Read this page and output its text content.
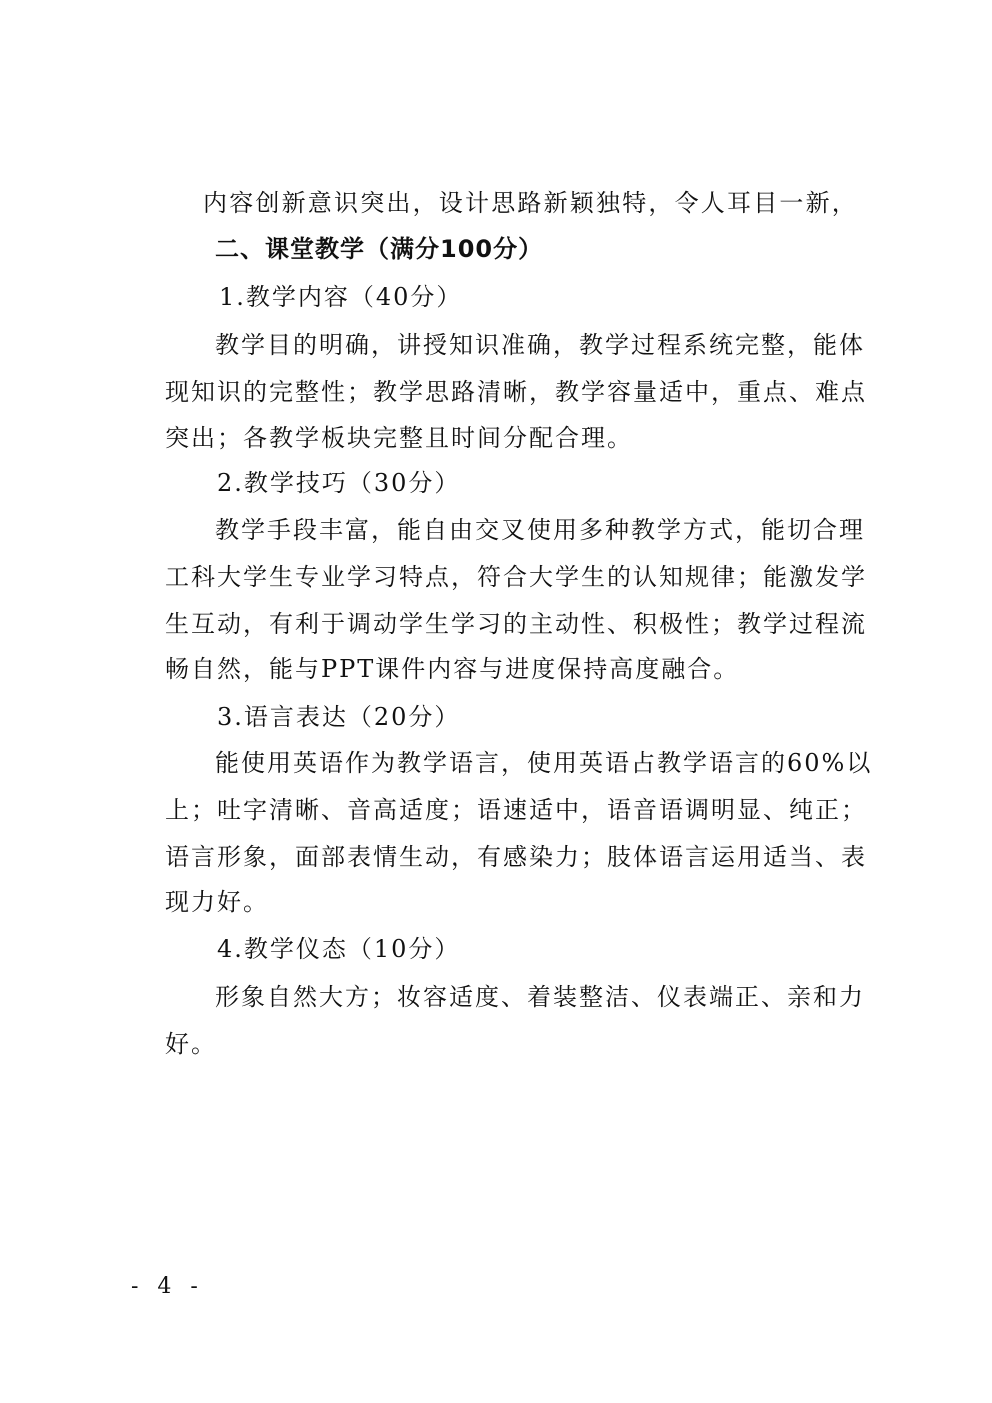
内容创新意识突出，设计思路新颖独特，令人耳目一新，
二、课堂教学（满分100分）
1.教学内容（40分）
教学目的明确，讲授知识准确，教学过程系统完整，能体
现知识的完整性；教学思路清晰，教学容量适中，重点、难点
突出；各教学板块完整且时间分配合理。
2.教学技巧（30分）
教学手段丰富，能自由交叉使用多种教学方式，能切合理
工科大学生专业学习特点，符合大学生的认知规律；能激发学
生互动，有利于调动学生学习的主动性、积极性；教学过程流
畅自然，能与PPT课件内容与进度保持高度融合。
3.语言表达（20分）
能使用英语作为教学语言，使用英语占教学语言的60%以
上；吐字清晰、音高适度；语速适中，语音语调明显、纯正；
语言形象，面部表情生动，有感染力；肢体语言运用适当、表
现力好。
4.教学仪态（10分）
形象自然大方；妆容适度、着装整洁、仪表端正、亲和力
好。
- 4 -
